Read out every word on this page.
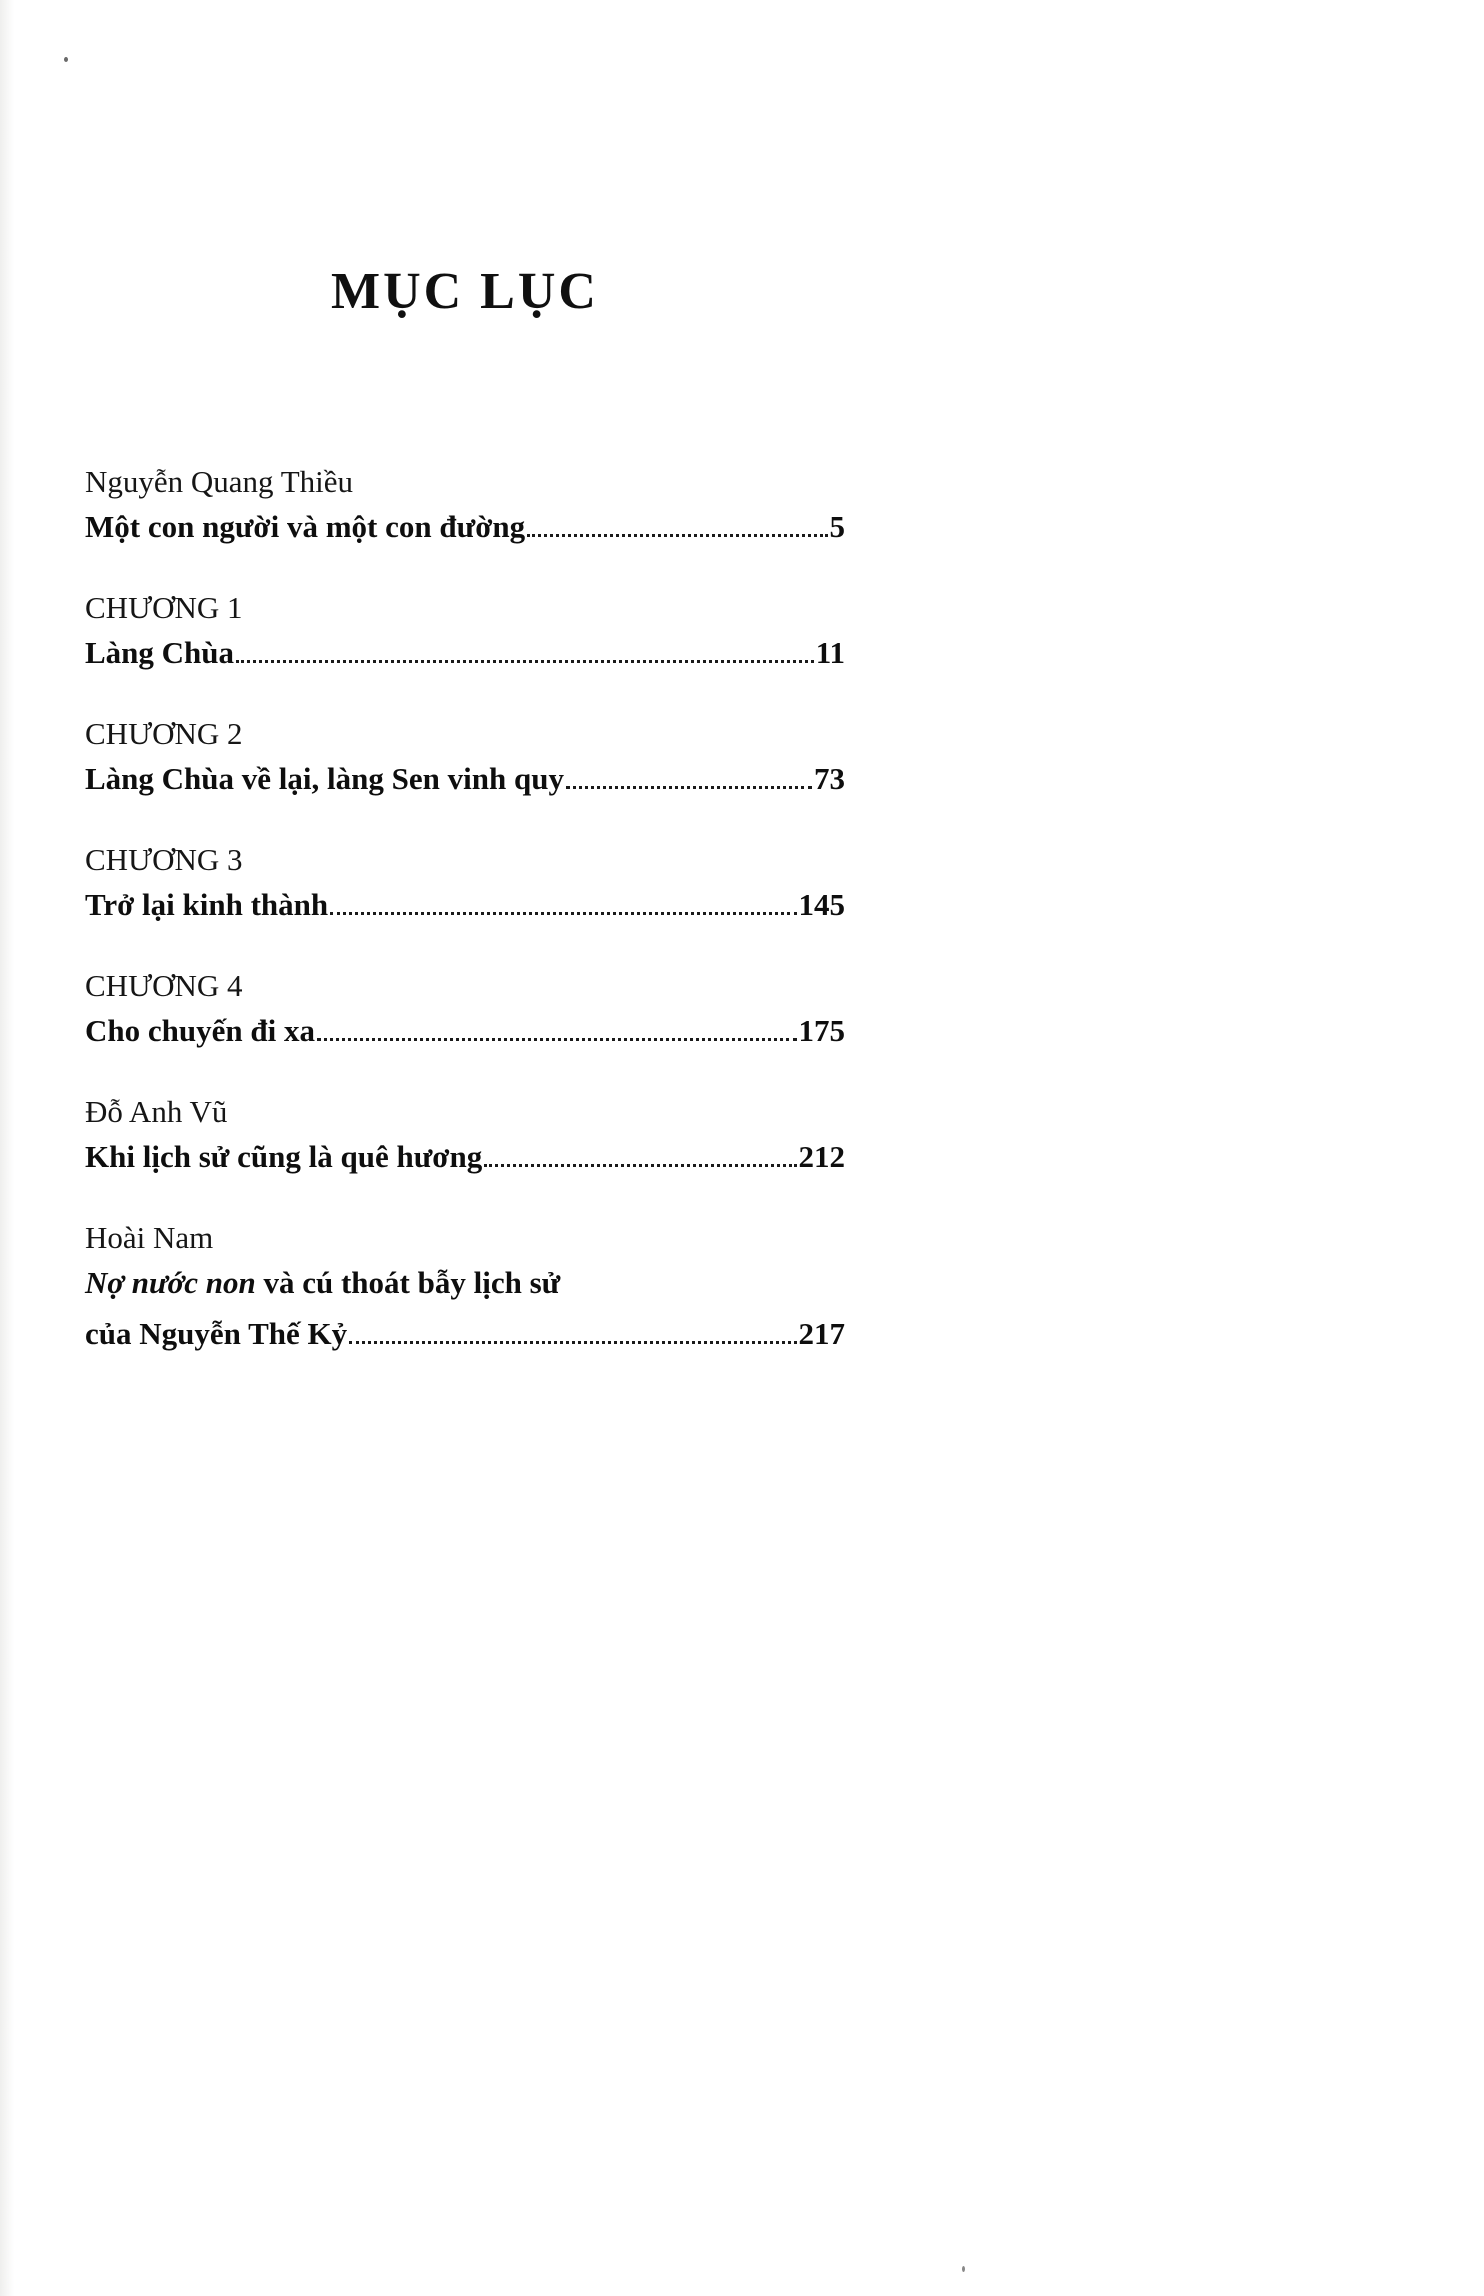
MỤC LỤC
Nguyễn Quang Thiều
Một con người và một con đường	5
CHƯƠNG 1
Làng Chùa	11
CHƯƠNG 2
Làng Chùa về lại, làng Sen vinh quy	73
CHƯƠNG 3
Trở lại kinh thành	145
CHƯƠNG 4
Cho chuyến đi xa	175
Đỗ Anh Vũ
Khi lịch sử cũng là quê hương	212
Hoài Nam
Nợ nước non và cú thoát bẫy lịch sử
của Nguyễn Thế Kỷ	217
